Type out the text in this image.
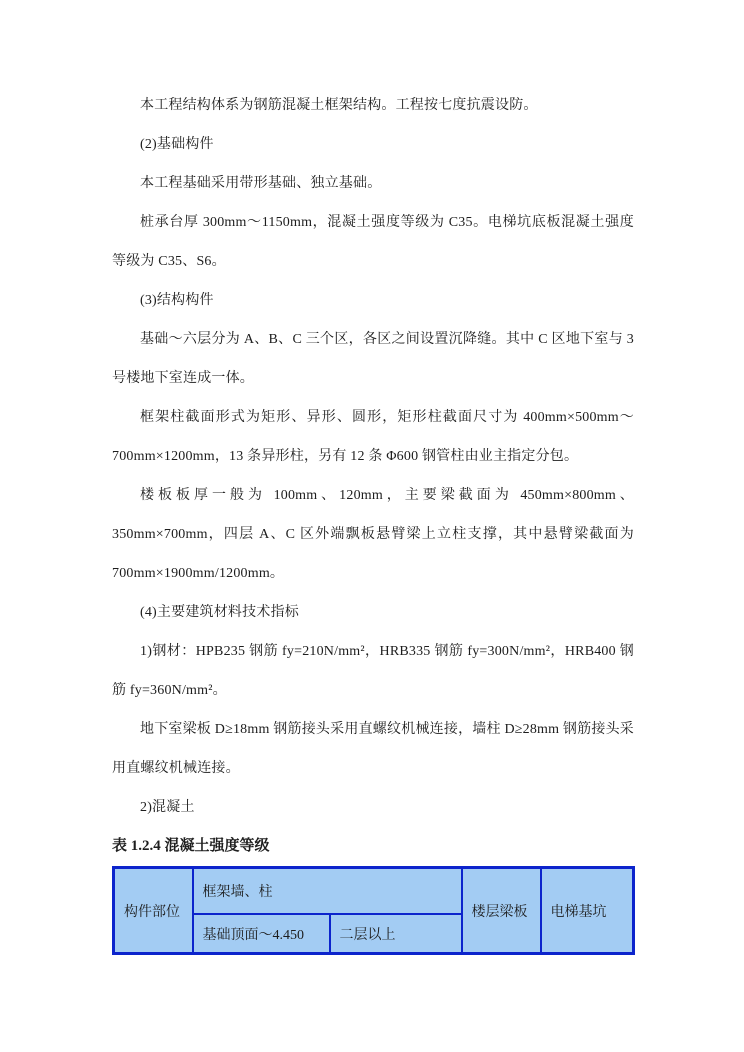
本工程结构体系为钢筋混凝土框架结构。工程按七度抗震设防。

(2)基础构件

本工程基础采用带形基础、独立基础。

桩承台厚 300mm～1150mm，混凝土强度等级为 C35。电梯坑底板混凝土强度等级为 C35、S6。

(3)结构构件

基础～六层分为 A、B、C 三个区，各区之间设置沉降缝。其中 C 区地下室与 3 号楼地下室连成一体。

框架柱截面形式为矩形、异形、圆形，矩形柱截面尺寸为 400mm×500mm～700mm×1200mm，13 条异形柱，另有 12 条 Φ600 钢管柱由业主指定分包。

楼板板厚一般为 100mm、120mm，主要梁截面为 450mm×800mm、350mm×700mm，四层 A、C 区外端飘板悬臂梁上立柱支撑，其中悬臂梁截面为 700mm×1900mm/1200mm。

(4)主要建筑材料技术指标

1)钢材：HPB235 钢筋 fy=210N/mm²，HRB335 钢筋 fy=300N/mm²，HRB400 钢筋 fy=360N/mm²。

地下室梁板 D≥18mm 钢筋接头采用直螺纹机械连接，墙柱 D≥28mm 钢筋接头采用直螺纹机械连接。

2)混凝土

表 1.2.4 混凝土强度等级

构件部位	框架墙、柱		楼层梁板	电梯基坑
	基础顶面～4.450	二层以上		
